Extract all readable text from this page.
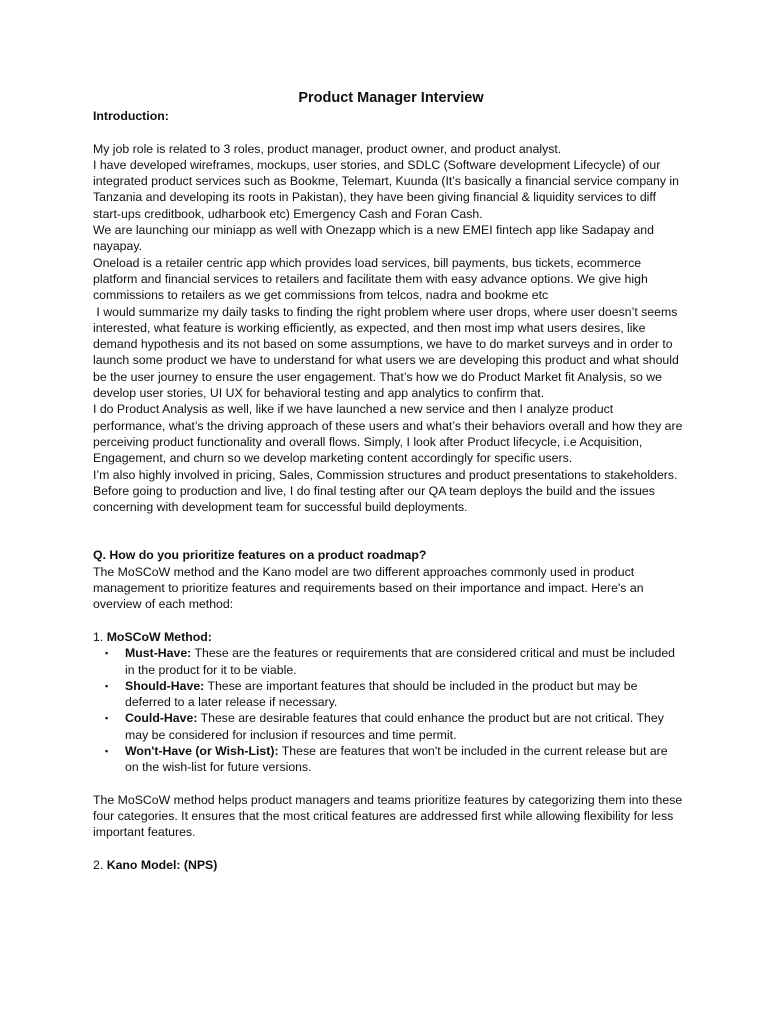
Product Manager Interview

Introduction:

My job role is related to 3 roles, product manager, product owner, and product analyst.

I have developed wireframes, mockups, user stories, and SDLC (Software development Lifecycle) of our integrated product services such as Bookme, Telemart, Kuunda (It’s basically a financial service company in Tanzania and developing its roots in Pakistan), they have been giving financial & liquidity services to diff start-ups creditbook, udharbook etc) Emergency Cash and Foran Cash.

We are launching our miniapp as well with Onezapp which is a new EMEI fintech app like Sadapay and nayapay.

Oneload is a retailer centric app which provides load services, bill payments, bus tickets, ecommerce platform and financial services to retailers and facilitate them with easy advance options. We give high commissions to retailers as we get commissions from telcos, nadra and bookme etc

I would summarize my daily tasks to finding the right problem where user drops, where user doesn’t seems interested, what feature is working efficiently, as expected, and then most imp what users desires, like demand hypothesis and its not based on some assumptions, we have to do market surveys and in order to launch some product we have to understand for what users we are developing this product and what should be the user journey to ensure the user engagement. That’s how we do Product Market fit Analysis, so we develop user stories, UI UX for behavioral testing and app analytics to confirm that.

I do Product Analysis as well, like if we have launched a new service and then I analyze product performance, what’s the driving approach of these users and what’s their behaviors overall and how they are perceiving product functionality and overall flows. Simply, I look after Product lifecycle, i.e Acquisition, Engagement, and churn so we develop marketing content accordingly for specific users.

I’m also highly involved in pricing, Sales, Commission structures and product presentations to stakeholders.

Before going to production and live, I do final testing after our QA team deploys the build and the issues concerning with development team for successful build deployments.

Q. How do you prioritize features on a product roadmap?

The MoSCoW method and the Kano model are two different approaches commonly used in product management to prioritize features and requirements based on their importance and impact. Here's an overview of each method:

1. MoSCoW Method:

▪ Must-Have: These are the features or requirements that are considered critical and must be included in the product for it to be viable.
▪ Should-Have: These are important features that should be included in the product but may be deferred to a later release if necessary.
▪ Could-Have: These are desirable features that could enhance the product but are not critical. They may be considered for inclusion if resources and time permit.
▪ Won't-Have (or Wish-List): These are features that won't be included in the current release but are on the wish-list for future versions.

The MoSCoW method helps product managers and teams prioritize features by categorizing them into these four categories. It ensures that the most critical features are addressed first while allowing flexibility for less important features.

2. Kano Model: (NPS)
